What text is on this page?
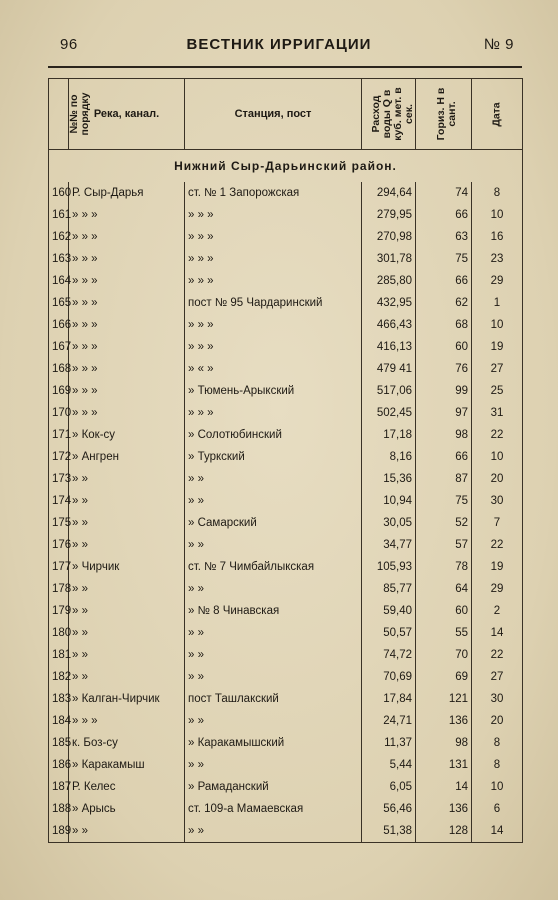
96	ВЕСТНИК ИРРИГАЦИИ	№ 9
№№ по порядку	Река, канал.	Станция, пост	Расход воды Q в куб. мет. в сек.	Гориз. H в сант.	Дата
Нижний Сыр-Дарьинский район.					
160	Р. Сыр-Дарья	ст. № 1 Запорожская	294,64	74	8
161	» » »	» » »	279,95	66	10
162	» » »	» » »	270,98	63	16
163	» » »	» » »	301,78	75	23
164	» » »	» » »	285,80	66	29
165	» » »	пост № 95 Чардаринский	432,95	62	1
166	» » »	» » »	466,43	68	10
167	» » »	» » »	416,13	60	19
168	» » »	» « »	479 41	76	27
169	» » »	» Тюмень-Арыкский	517,06	99	25
170	» » »	» » »	502,45	97	31
171	» Кок-су	» Солотюбинский	17,18	98	22
172	» Ангрен	» Туркский	8,16	66	10
173	» »	» »	15,36	87	20
174	» »	» »	10,94	75	30
175	» »	» Самарский	30,05	52	7
176	» »	» »	34,77	57	22
177	» Чирчик	ст. № 7 Чимбайлыкская	105,93	78	19
178	» »	» »	85,77	64	29
179	» »	» № 8 Чинавская	59,40	60	2
180	» »	» »	50,57	55	14
181	» »	» »	74,72	70	22
182	» »	» »	70,69	69	27
183	» Калган-Чирчик	пост Ташлакский	17,84	121	30
184	» » »	» »	24,71	136	20
185	к. Боз-су	» Каракамышский	11,37	98	8
186	» Каракамыш	» »	5,44	131	8
187	Р. Келес	» Рамаданский	6,05	14	10
188	» Арысь	ст. 109-а Мамаевская	56,46	136	6
189	» »	» »	51,38	128	14
